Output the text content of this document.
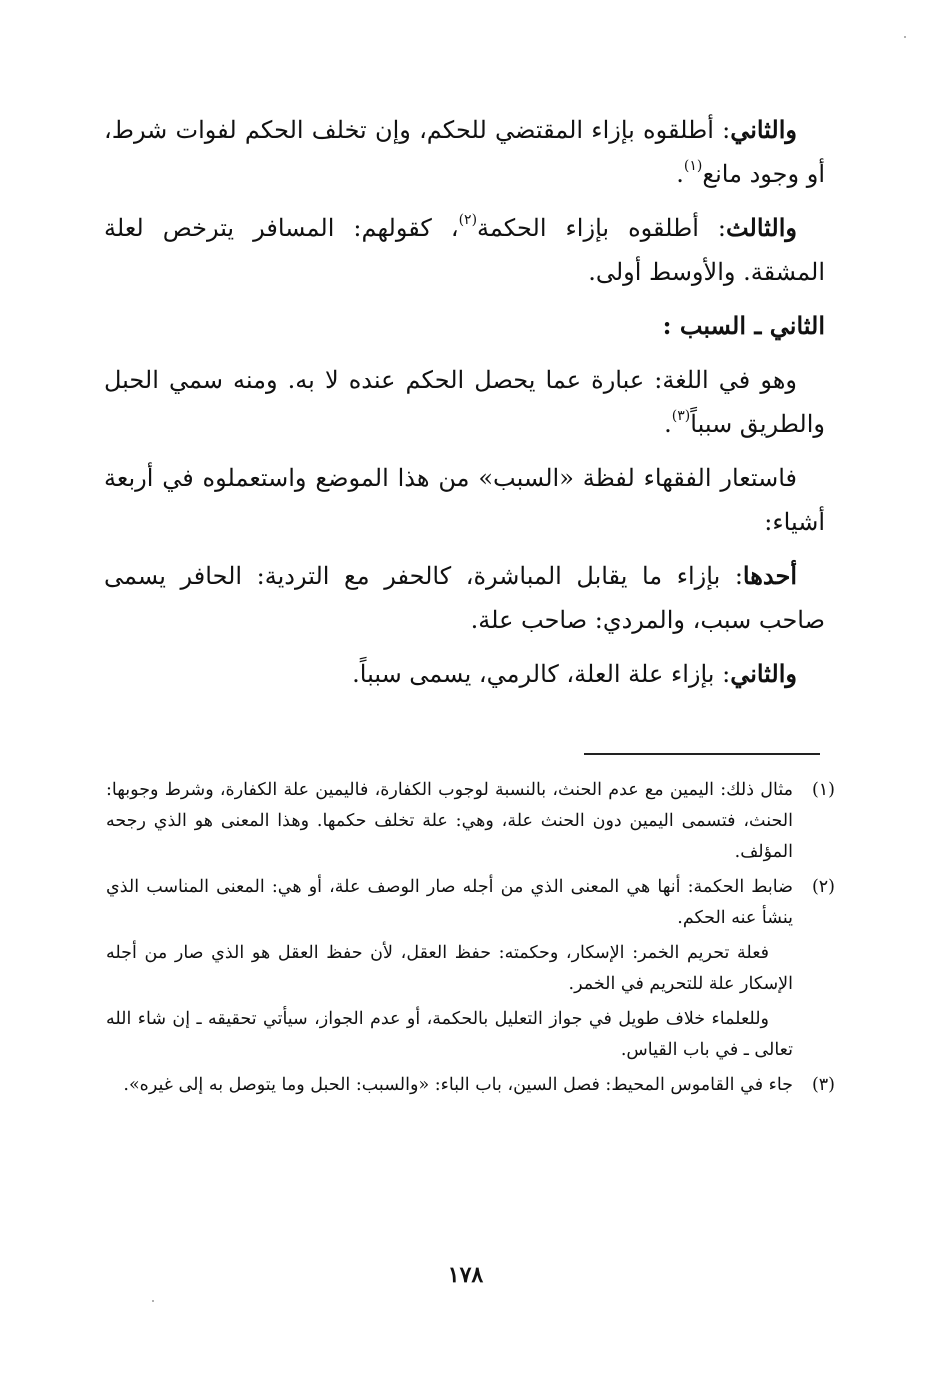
والثاني: أطلقوه بإزاء المقتضي للحكم، وإن تخلف الحكم لفوات شرط، أو وجود مانع$^{(١)}$.

والثالث: أطلقوه بإزاء الحكمة$^{(٢)}$، كقولهم: المسافر يترخص لعلة المشقة. والأوسط أولى.

الثاني ـ السبب :

وهو في اللغة: عبارة عما يحصل الحكم عنده لا به. ومنه سمي الحبل والطريق سبباً$^{(٣)}$.

فاستعار الفقهاء لفظة «السبب» من هذا الموضع واستعملوه في أربعة أشياء:

أحدها: بإزاء ما يقابل المباشرة، كالحفر مع التردية: الحافر يسمى صاحب سبب، والمردي: صاحب علة.

والثاني: بإزاء علة العلة، كالرمي، يسمى سبباً.

(١)

مثال ذلك: اليمين مع عدم الحنث، بالنسبة لوجوب الكفارة، فاليمين علة الكفارة، وشرط وجوبها: الحنث، فتسمى اليمين دون الحنث علة، وهي: علة تخلف حكمها. وهذا المعنى هو الذي رجحه المؤلف.

(٢)

ضابط الحكمة: أنها هي المعنى الذي من أجله صار الوصف علة، أو هي: المعنى المناسب الذي ينشأ عنه الحكم.

فعلة تحريم الخمر: الإسكار، وحكمته: حفظ العقل، لأن حفظ العقل هو الذي صار من أجله الإسكار علة للتحريم في الخمر.

وللعلماء خلاف طويل في جواز التعليل بالحكمة، أو عدم الجواز، سيأتي تحقيقه ـ إن شاء الله تعالى ـ في باب القياس.

(٣)

جاء في القاموس المحيط: فصل السين، باب الباء: «والسبب: الحبل وما يتوصل به إلى غيره».

١٧٨
